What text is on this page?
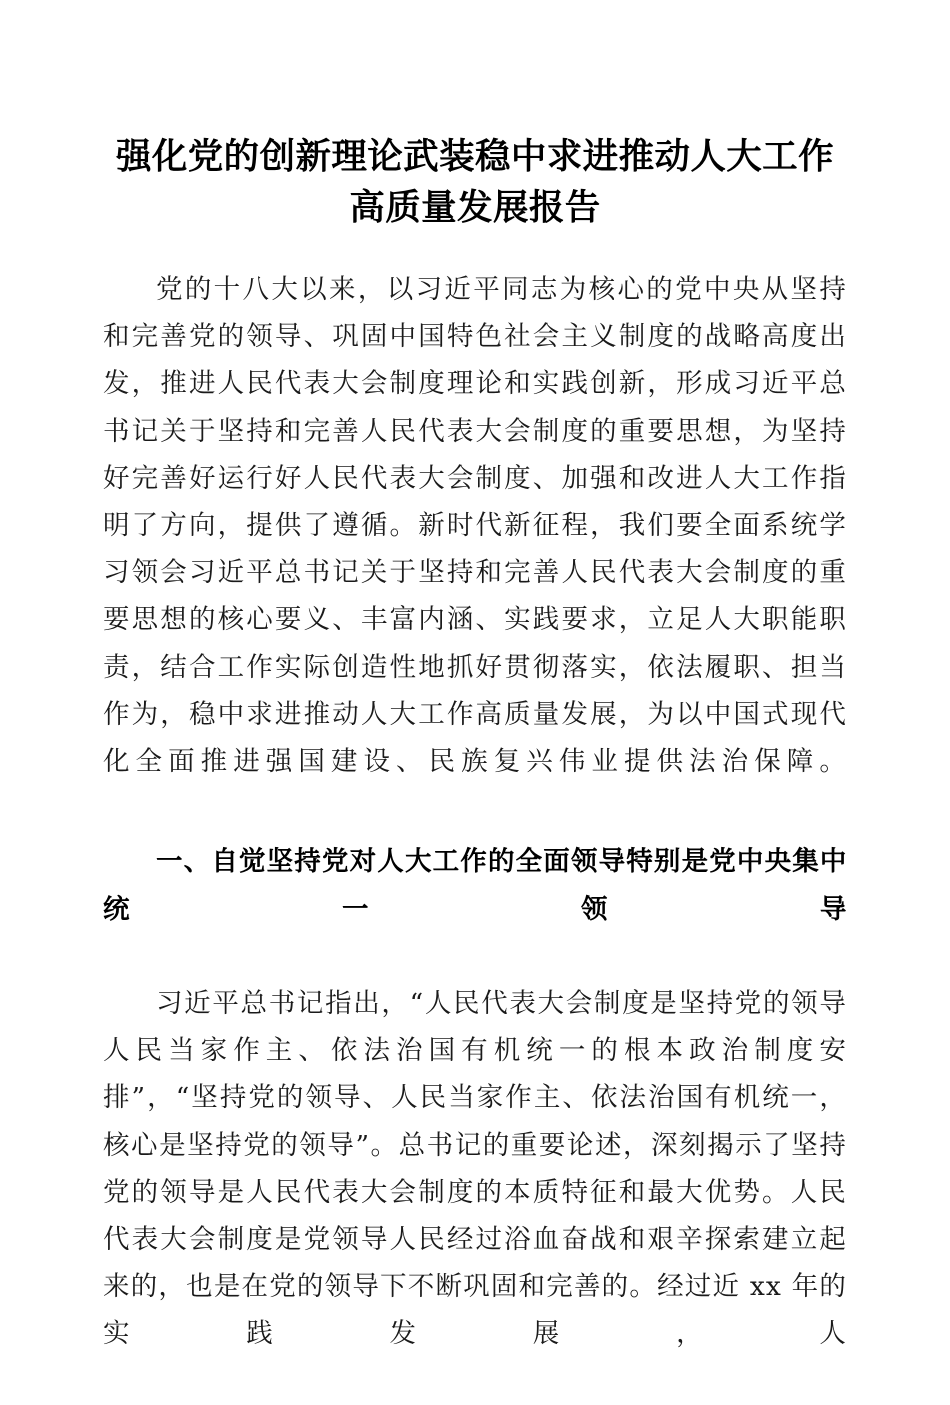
强化党的创新理论武装稳中求进推动人大工作
高质量发展报告

党的十八大以来，以习近平同志为核心的党中央从坚持和完善党的领导、巩固中国特色社会主义制度的战略高度出发，推进人民代表大会制度理论和实践创新，形成习近平总书记关于坚持和完善人民代表大会制度的重要思想，为坚持好完善好运行好人民代表大会制度、加强和改进人大工作指明了方向，提供了遵循。新时代新征程，我们要全面系统学习领会习近平总书记关于坚持和完善人民代表大会制度的重要思想的核心要义、丰富内涵、实践要求，立足人大职能职责，结合工作实际创造性地抓好贯彻落实，依法履职、担当作为，稳中求进推动人大工作高质量发展，为以中国式现代化全面推进强国建设、民族复兴伟业提供法治保障。

一、自觉坚持党对人大工作的全面领导特别是党中央集中统一领导

习近平总书记指出，“人民代表大会制度是坚持党的领导人民当家作主、依法治国有机统一的根本政治制度安排”，“坚持党的领导、人民当家作主、依法治国有机统一，核心是坚持党的领导”。总书记的重要论述，深刻揭示了坚持党的领导是人民代表大会制度的本质特征和最大优势。人民代表大会制度是党领导人民经过浴血奋战和艰辛探索建立起来的，也是在党的领导下不断巩固和完善的。经过近 xx 年的实践发展，人
